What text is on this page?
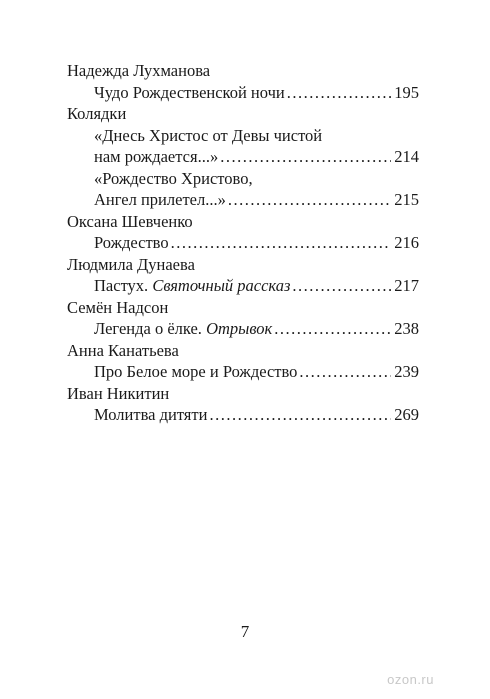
Надежда Лухманова
Чудо Рождественской ночи .....	195
Колядки
«Днесь Христос от Девы чистой
нам рождается...» .....	214
«Рождество Христово,
Ангел прилетел...» .....	215
Оксана Шевченко
Рождество .....	216
Людмила Дунаева
Пастух. Святочный рассказ .....	217
Семён Надсон
Легенда о ёлке. Отрывок .....	238
Анна Канатьева
Про Белое море и Рождество .....	239
Иван Никитин
Молитва дитяти .....	269
7
ozon.ru
